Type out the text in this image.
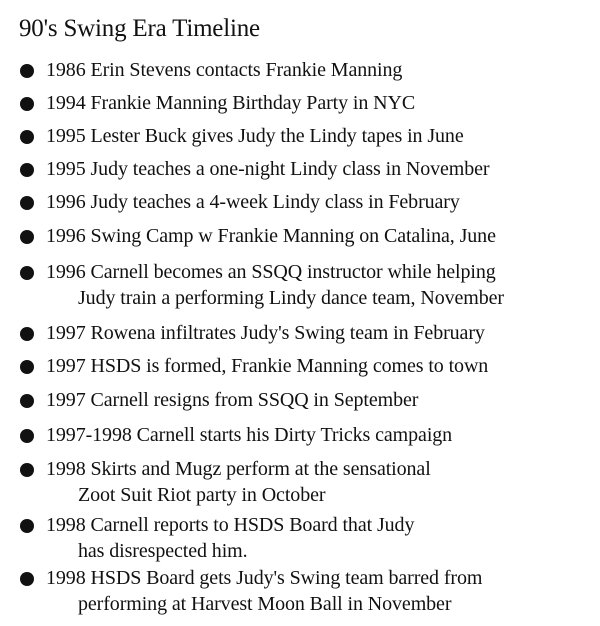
90's Swing Era Timeline
1986 Erin Stevens contacts Frankie Manning
1994 Frankie Manning Birthday Party in NYC
1995 Lester Buck gives Judy the Lindy tapes in June
1995 Judy teaches a one-night Lindy class in November
1996 Judy teaches a 4-week Lindy class in February
1996 Swing Camp w Frankie Manning on Catalina, June
1996 Carnell becomes an SSQQ instructor while helping
Judy train a performing Lindy dance team, November
1997 Rowena infiltrates Judy's Swing team in February
1997 HSDS is formed, Frankie Manning comes to town
1997 Carnell resigns from SSQQ in September
1997-1998 Carnell starts his Dirty Tricks campaign
1998 Skirts and Mugz perform at the sensational
Zoot Suit Riot party in October
1998 Carnell reports to HSDS Board that Judy
has disrespected him.
1998 HSDS Board gets Judy's Swing team barred from
performing at Harvest Moon Ball in November
